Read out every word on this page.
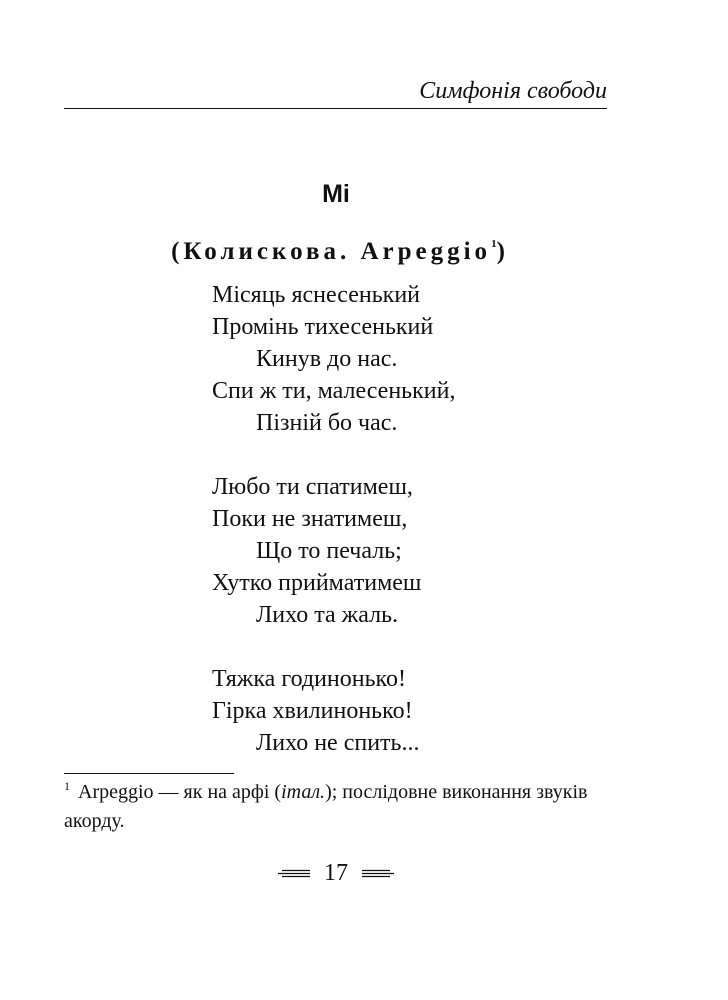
Симфонія свободи
Мі
(Колискова. Arpeggio$^1$)
Місяць яснесенький
Промінь тихесенький
Кинув до нас.
Спи ж ти, малесенький,
Пізній бо час.
Любо ти спатимеш,
Поки не знатимеш,
Що то печаль;
Хутко прийматимеш
Лихо та жаль.
Тяжка годинонько!
Гірка хвилинонько!
Лихо не спить...
$^1$ Arpeggio — як на арфі (італ.); послідовне виконання звуків акорду.
17
